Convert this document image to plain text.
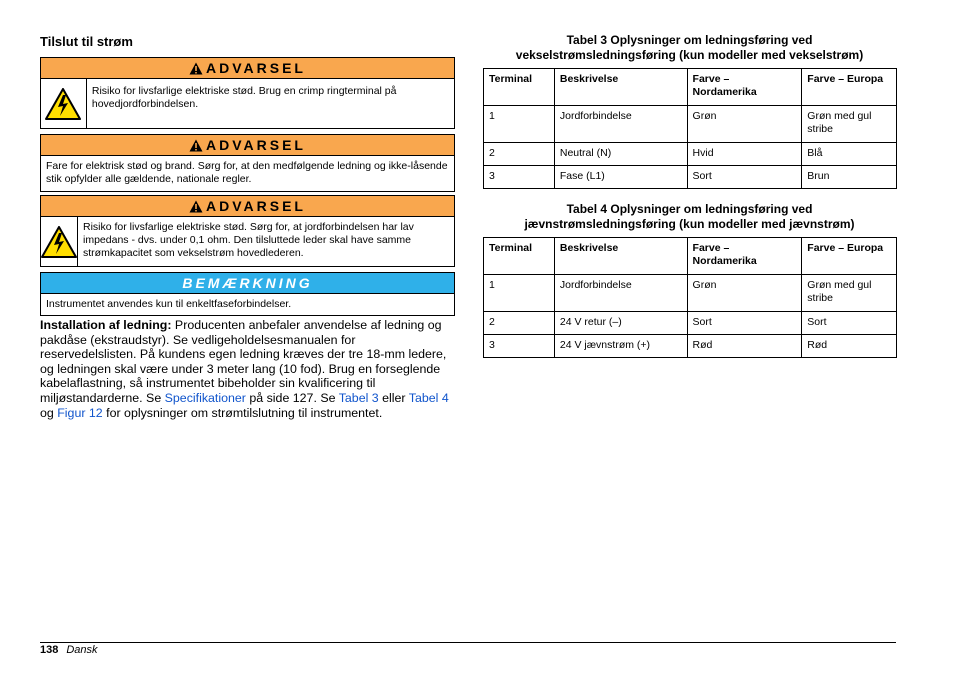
Tilslut til strøm
ADVARSEL
Risiko for livsfarlige elektriske stød. Brug en crimp ringterminal på hovedjordforbindelsen.
ADVARSEL
Fare for elektrisk stød og brand. Sørg for, at den medfølgende ledning og ikke-låsende stik opfylder alle gældende, nationale regler.
ADVARSEL
Risiko for livsfarlige elektriske stød. Sørg for, at jordforbindelsen har lav impedans - dvs. under 0,1 ohm. Den tilsluttede leder skal have samme strømkapacitet som vekselstrøm hovedlederen.
BEMÆRKNING
Instrumentet anvendes kun til enkeltfaseforbindelser.
Installation af ledning: Producenten anbefaler anvendelse af ledning og pakdåse (ekstraudstyr). Se vedligeholdelsesmanualen for reservedelslisten. På kundens egen ledning kræves der tre 18-mm ledere, og ledningen skal være under 3 meter lang (10 fod). Brug en forseglende kabelaflastning, så instrumentet bibeholder sin kvalificering til miljøstandarderne. Se Specifikationer på side 127. Se Tabel 3 eller Tabel 4 og Figur 12 for oplysninger om strømtilslutning til instrumentet.
Tabel 3 Oplysninger om ledningsføring ved
vekselstrømsledningsføring (kun modeller med vekselstrøm)
Terminal	Beskrivelse	Farve – Nordamerika	Farve – Europa
1	Jordforbindelse	Grøn	Grøn med gul stribe
2	Neutral (N)	Hvid	Blå
3	Fase (L1)	Sort	Brun
Tabel 4 Oplysninger om ledningsføring ved
jævnstrømsledningsføring (kun modeller med jævnstrøm)
Terminal	Beskrivelse	Farve – Nordamerika	Farve – Europa
1	Jordforbindelse	Grøn	Grøn med gul stribe
2	24 V retur (–)	Sort	Sort
3	24 V jævnstrøm (+)	Rød	Rød
138 Dansk
